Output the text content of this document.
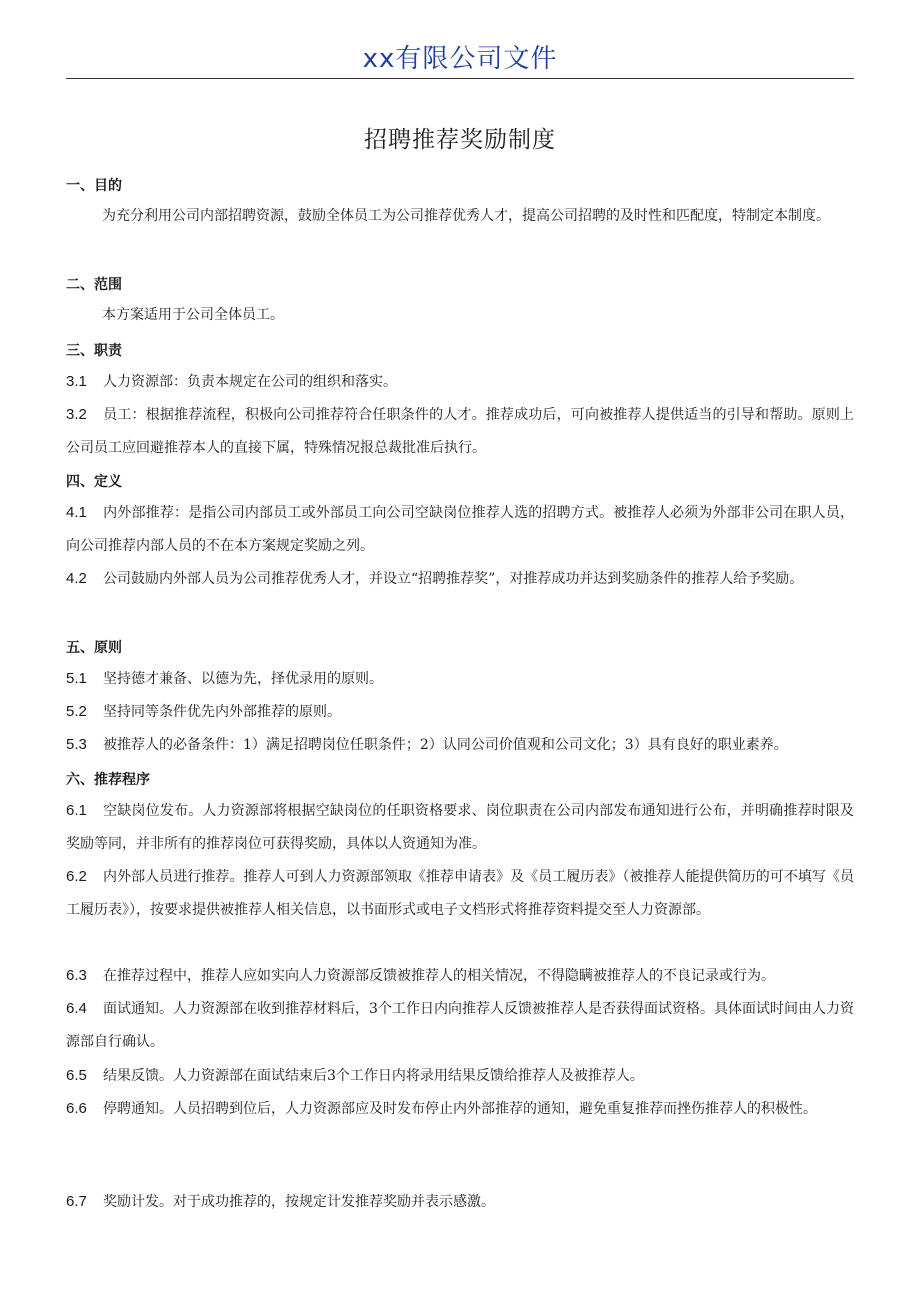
xx有限公司文件
招聘推荐奖励制度
一、目的
为充分利用公司内部招聘资源，鼓励全体员工为公司推荐优秀人才，提高公司招聘的及时性和匹配度，特制定本制度。
二、范围
本方案适用于公司全体员工。
三、职责
3.1 人力资源部：负责本规定在公司的组织和落实。
3.2 员工：根据推荐流程，积极向公司推荐符合任职条件的人才。推荐成功后，可向被推荐人提供适当的引导和帮助。原则上公司员工应回避推荐本人的直接下属，特殊情况报总裁批准后执行。
四、定义
4.1 内外部推荐：是指公司内部员工或外部员工向公司空缺岗位推荐人选的招聘方式。被推荐人必须为外部非公司在职人员，向公司推荐内部人员的不在本方案规定奖励之列。
4.2 公司鼓励内外部人员为公司推荐优秀人才，并设立“招聘推荐奖”，对推荐成功并达到奖励条件的推荐人给予奖励。
五、原则
5.1 坚持德才兼备、以德为先，择优录用的原则。
5.2 坚持同等条件优先内外部推荐的原则。
5.3 被推荐人的必备条件：1）满足招聘岗位任职条件；2）认同公司价值观和公司文化；3）具有良好的职业素养。
六、推荐程序
6.1 空缺岗位发布。人力资源部将根据空缺岗位的任职资格要求、岗位职责在公司内部发布通知进行公布，并明确推荐时限及奖励等同，并非所有的推荐岗位可获得奖励，具体以人资通知为准。
6.2 内外部人员进行推荐。推荐人可到人力资源部领取《推荐申请表》及《员工履历表》（被推荐人能提供简历的可不填写《员工履历表》），按要求提供被推荐人相关信息，以书面形式或电子文档形式将推荐资料提交至人力资源部。
6.3 在推荐过程中，推荐人应如实向人力资源部反馈被推荐人的相关情况，不得隐瞒被推荐人的不良记录或行为。
6.4 面试通知。人力资源部在收到推荐材料后，3个工作日内向推荐人反馈被推荐人是否获得面试资格。具体面试时间由人力资源部自行确认。
6.5 结果反馈。人力资源部在面试结束后3个工作日内将录用结果反馈给推荐人及被推荐人。
6.6 停聘通知。人员招聘到位后，人力资源部应及时发布停止内外部推荐的通知，避免重复推荐而挫伤推荐人的积极性。
6.7 奖励计发。对于成功推荐的，按规定计发推荐奖励并表示感激。
